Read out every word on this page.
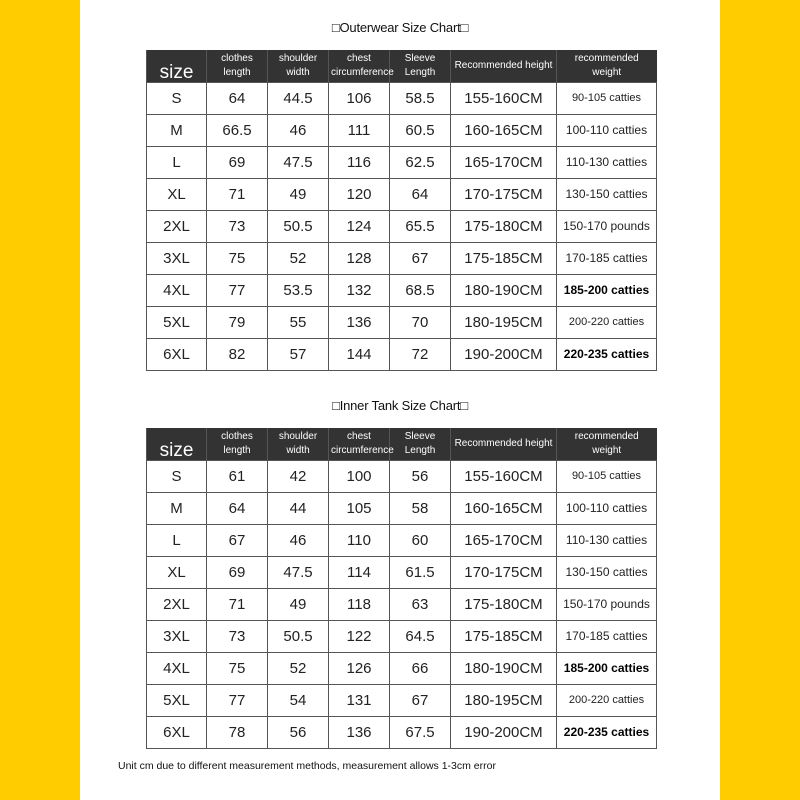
□Outerwear Size Chart□
size	clothes length	shoulder width	chest circumference	Sleeve Length	Recommended height	recommended weight
S	64	44.5	106	58.5	155-160CM	90-105 catties
M	66.5	46	111	60.5	160-165CM	100-110 catties
L	69	47.5	116	62.5	165-170CM	110-130 catties
XL	71	49	120	64	170-175CM	130-150 catties
2XL	73	50.5	124	65.5	175-180CM	150-170 pounds
3XL	75	52	128	67	175-185CM	170-185 catties
4XL	77	53.5	132	68.5	180-190CM	185-200 catties
5XL	79	55	136	70	180-195CM	200-220 catties
6XL	82	57	144	72	190-200CM	220-235 catties
□Inner Tank Size Chart□
size	clothes length	shoulder width	chest circumference	Sleeve Length	Recommended height	recommended weight
S	61	42	100	56	155-160CM	90-105 catties
M	64	44	105	58	160-165CM	100-110 catties
L	67	46	110	60	165-170CM	110-130 catties
XL	69	47.5	114	61.5	170-175CM	130-150 catties
2XL	71	49	118	63	175-180CM	150-170 pounds
3XL	73	50.5	122	64.5	175-185CM	170-185 catties
4XL	75	52	126	66	180-190CM	185-200 catties
5XL	77	54	131	67	180-195CM	200-220 catties
6XL	78	56	136	67.5	190-200CM	220-235 catties
Unit cm due to different measurement methods, measurement allows 1-3cm error
